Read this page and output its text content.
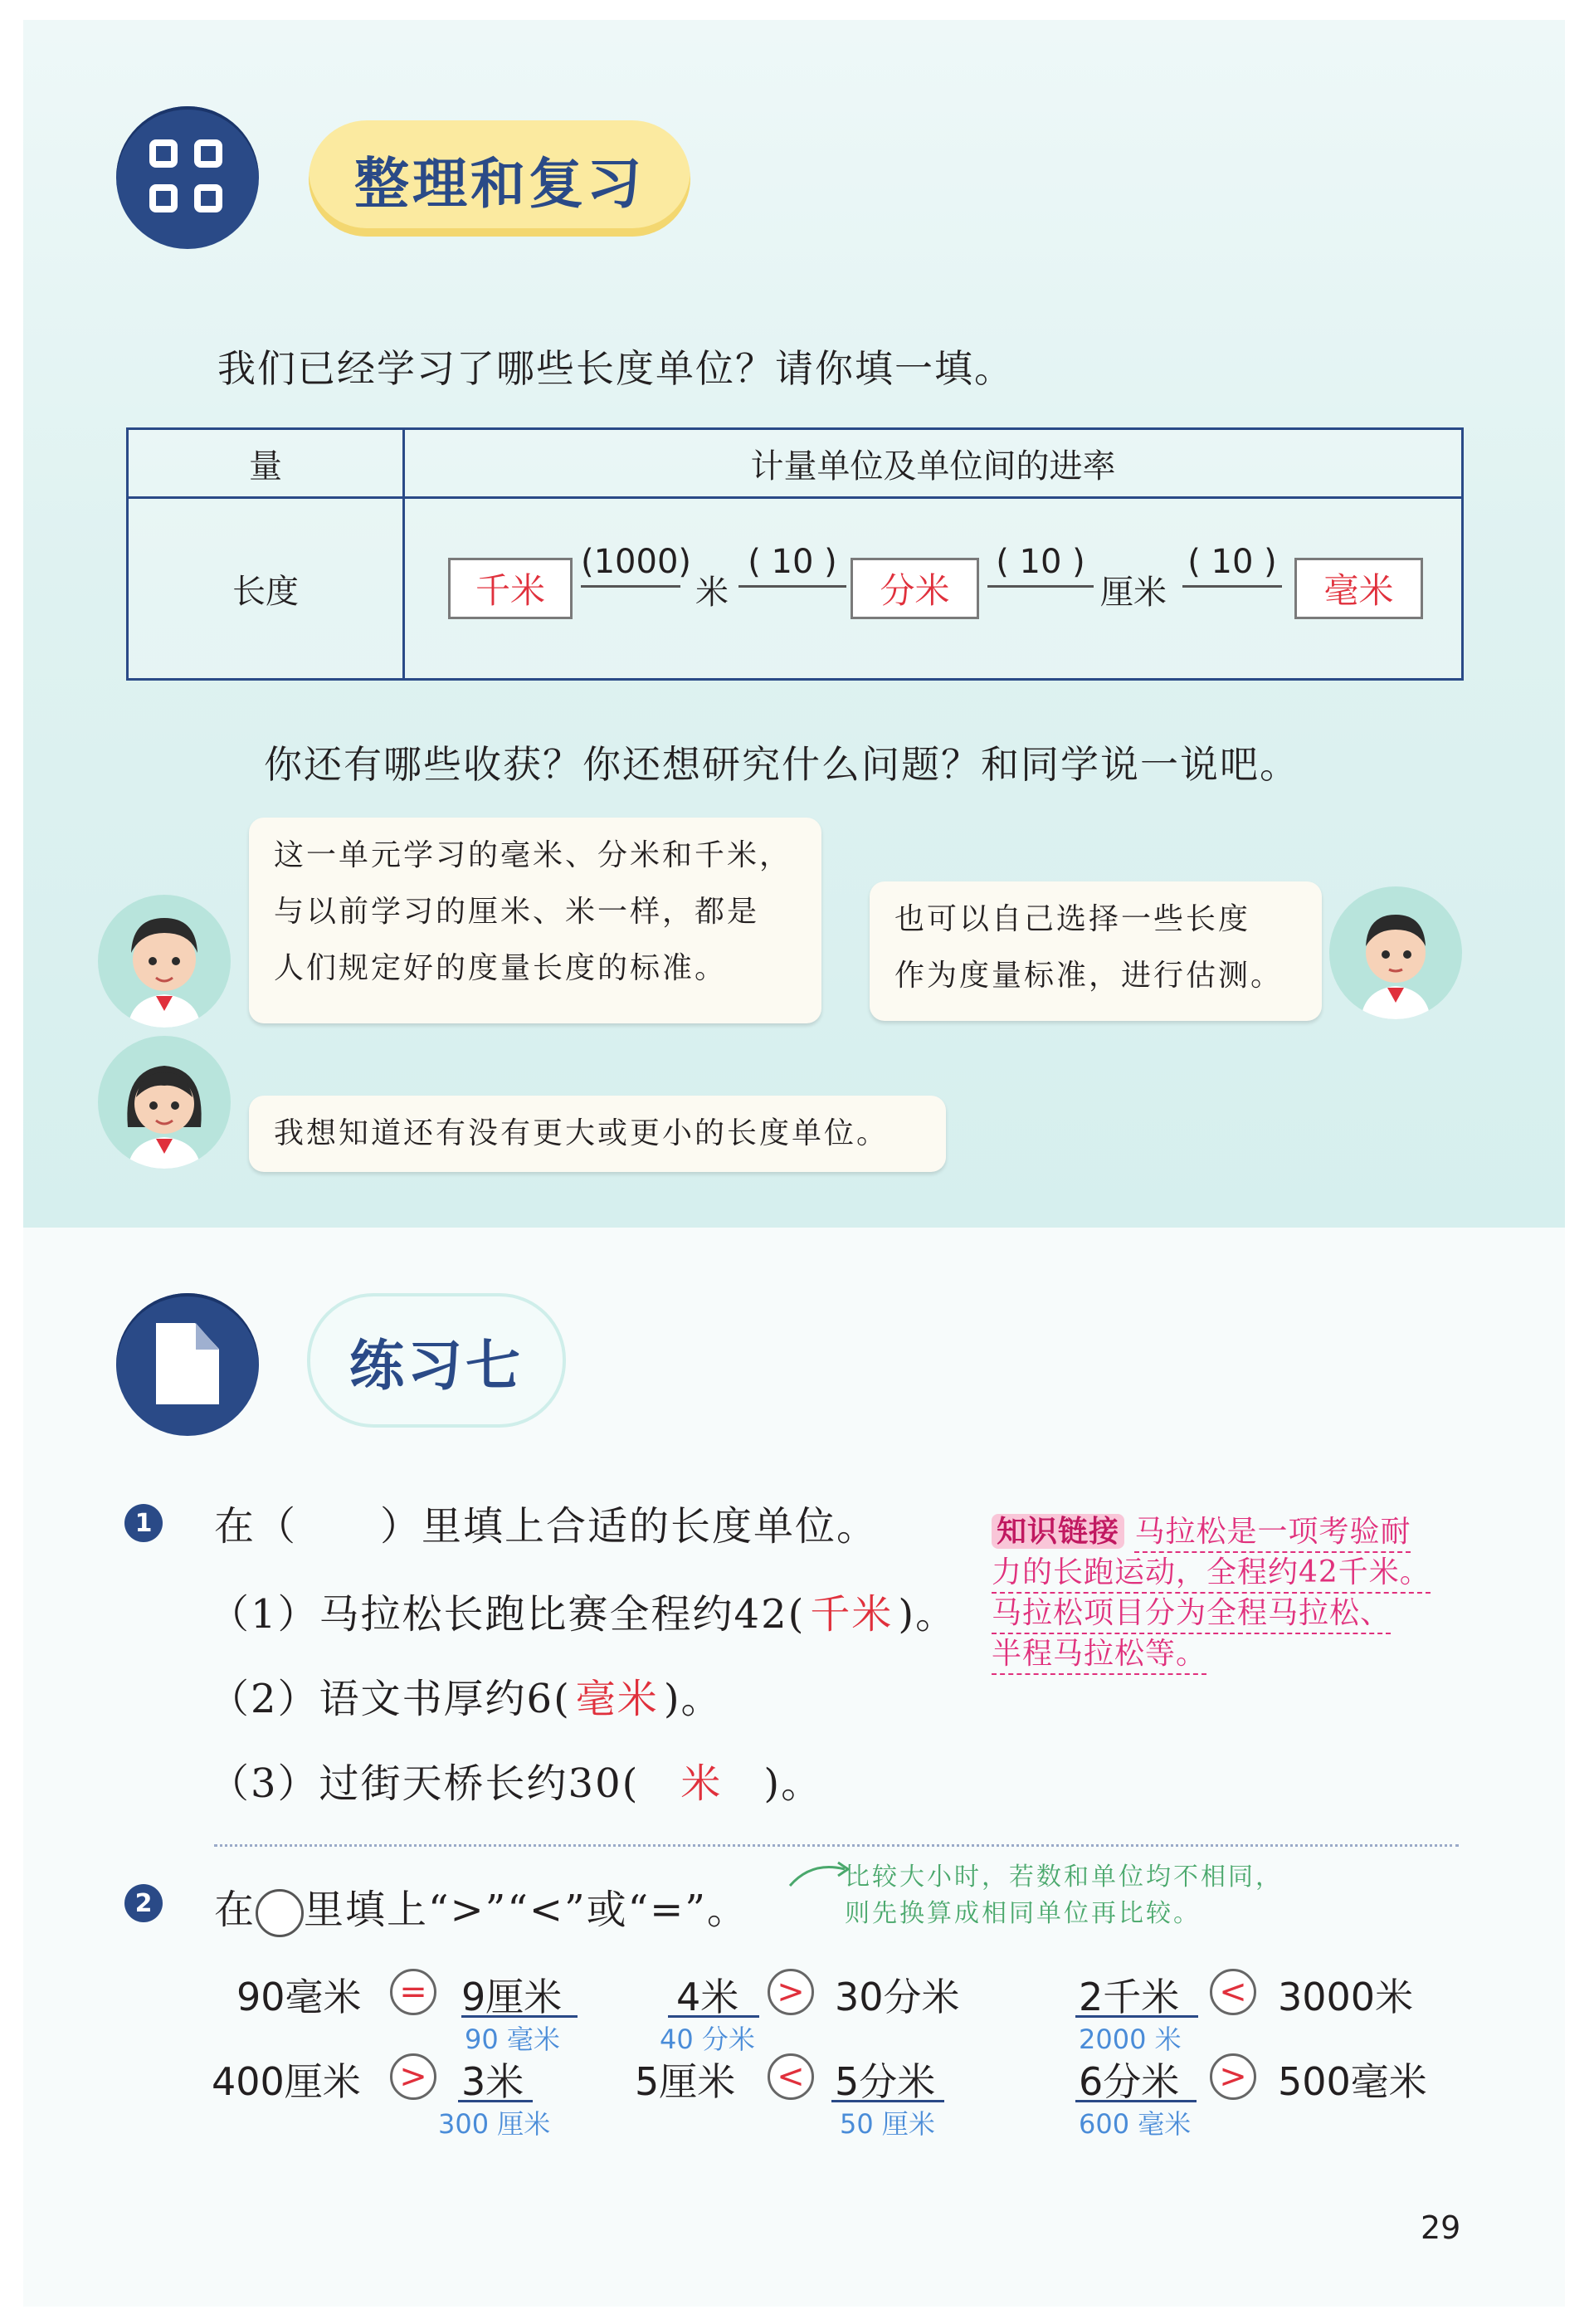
整理和复习
我们已经学习了哪些长度单位？请你填一填。
量	计量单位及单位间的进率
长度	千米
(1000)
米
( 10 )
分米
( 10 )
厘米
( 10 )
毫米
你还有哪些收获？你还想研究什么问题？和同学说一说吧。
这一单元学习的毫米、分米和千米，
与以前学习的厘米、米一样，都是
人们规定好的度量长度的标准。
也可以自己选择一些长度
作为度量标准，进行估测。
我想知道还有没有更大或更小的长度单位。
练习七
1 在（　　）里填上合适的长度单位。
（1）马拉松长跑比赛全程约42( 千米 )。
（2）语文书厚约6( 毫米 )。
（3）过街天桥长约30( 米 )。
知识链接 马拉松是一项考验耐
力的长跑运动，全程约42千米。
马拉松项目分为全程马拉松、
半程马拉松等。
2 在 里填上“>”“<”或“=”。
比较大小时，若数和单位均不相同，
则先换算成相同单位再比较。
90毫米 = 9厘米
90 毫米
4米 > 30分米
40 分米
2千米 < 3000米
2000 米
400厘米 > 3米
300 厘米
5厘米 < 5分米
50 厘米
6分米 > 500毫米
600 毫米
29
